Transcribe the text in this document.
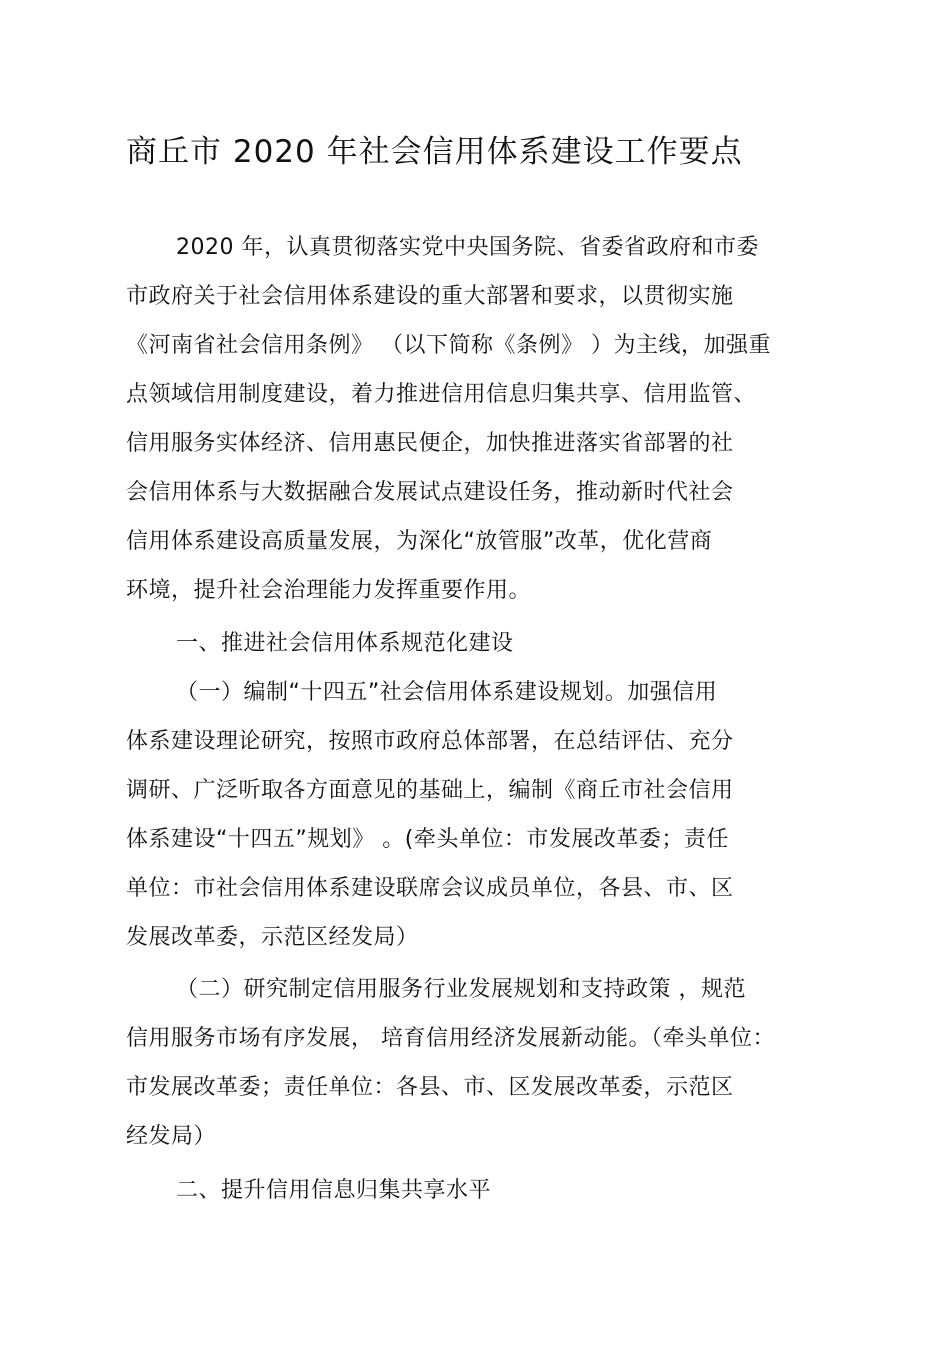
商丘市 2020 年社会信用体系建设工作要点
2020 年，认真贯彻落实党中央国务院、省委省政府和市委
市政府关于社会信用体系建设的重大部署和要求，以贯彻实施
《河南省社会信用条例》 （以下简称《条例》 ）为主线，加强重
点领域信用制度建设，着力推进信用信息归集共享、信用监管、
信用服务实体经济、信用惠民便企，加快推进落实省部署的社
会信用体系与大数据融合发展试点建设任务，推动新时代社会
信用体系建设高质量发展，为深化“放管服”改革，优化营商
环境，提升社会治理能力发挥重要作用。
一、推进社会信用体系规范化建设
（一）编制“十四五”社会信用体系建设规划。加强信用
体系建设理论研究，按照市政府总体部署，在总结评估、充分
调研、广泛听取各方面意见的基础上，编制《商丘市社会信用
体系建设“十四五”规划》 。(牵头单位：市发展改革委；责任
单位：市社会信用体系建设联席会议成员单位，各县、市、区
发展改革委，示范区经发局）
（二）研究制定信用服务行业发展规划和支持政策 ，规范
信用服务市场有序发展， 培育信用经济发展新动能。（牵头单位：
市发展改革委；责任单位：各县、市、区发展改革委，示范区
经发局）
二、提升信用信息归集共享水平
